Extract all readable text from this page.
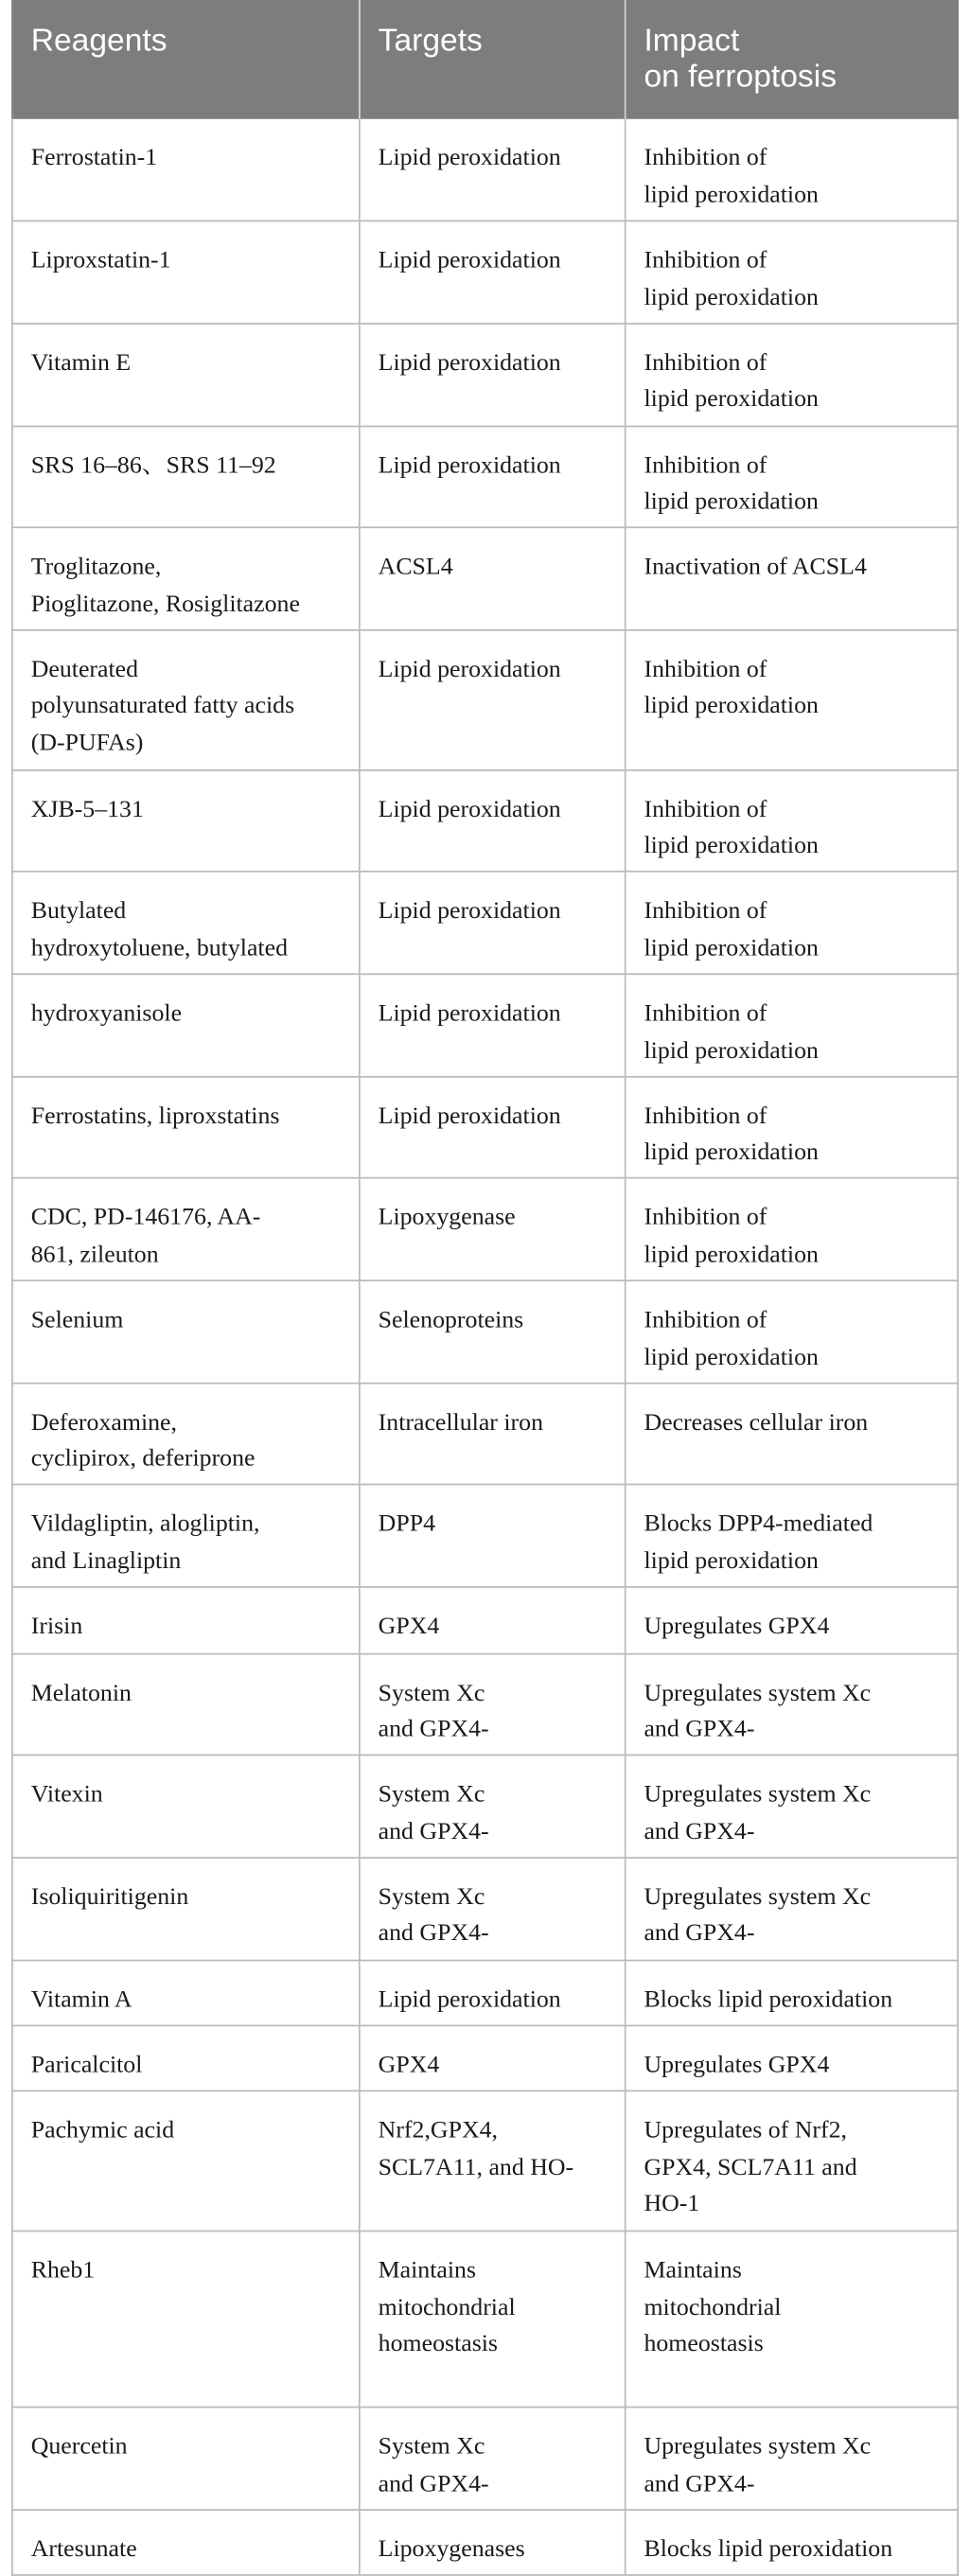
Reagents	Targets	Impact
on ferroptosis

Ferrostatin-1	Lipid peroxidation	Inhibition of
lipid peroxidation

Liproxstatin-1	Lipid peroxidation	Inhibition of
lipid peroxidation

Vitamin E	Lipid peroxidation	Inhibition of
lipid peroxidation

SRS 16–86、SRS 11–92	Lipid peroxidation	Inhibition of
lipid peroxidation

Troglitazone,
Pioglitazone, Rosiglitazone	ACSL4	Inactivation of ACSL4

Deuterated
polyunsaturated fatty acids
(D-PUFAs)	Lipid peroxidation	Inhibition of
lipid peroxidation

XJB-5–131	Lipid peroxidation	Inhibition of
lipid peroxidation

Butylated
hydroxytoluene, butylated	Lipid peroxidation	Inhibition of
lipid peroxidation

hydroxyanisole	Lipid peroxidation	Inhibition of
lipid peroxidation

Ferrostatins, liproxstatins	Lipid peroxidation	Inhibition of
lipid peroxidation

CDC, PD-146176, AA-
861, zileuton	Lipoxygenase	Inhibition of
lipid peroxidation

Selenium	Selenoproteins	Inhibition of
lipid peroxidation

Deferoxamine,
cyclipirox, deferiprone	Intracellular iron	Decreases cellular iron

Vildagliptin, alogliptin,
and Linagliptin	DPP4	Blocks DPP4-mediated
lipid peroxidation

Irisin	GPX4	Upregulates GPX4

Melatonin	System Xc
and GPX4-	Upregulates system Xc
and GPX4-

Vitexin	System Xc
and GPX4-	Upregulates system Xc
and GPX4-

Isoliquiritigenin	System Xc
and GPX4-	Upregulates system Xc
and GPX4-

Vitamin A	Lipid peroxidation	Blocks lipid peroxidation

Paricalcitol	GPX4	Upregulates GPX4

Pachymic acid	Nrf2,GPX4,
SCL7A11, and HO-	Upregulates of Nrf2,
GPX4, SCL7A11 and
HO-1

Rheb1	Maintains
mitochondrial
homeostasis	Maintains
mitochondrial
homeostasis

Quercetin	System Xc
and GPX4-	Upregulates system Xc
and GPX4-

Artesunate	Lipoxygenases	Blocks lipid peroxidation
